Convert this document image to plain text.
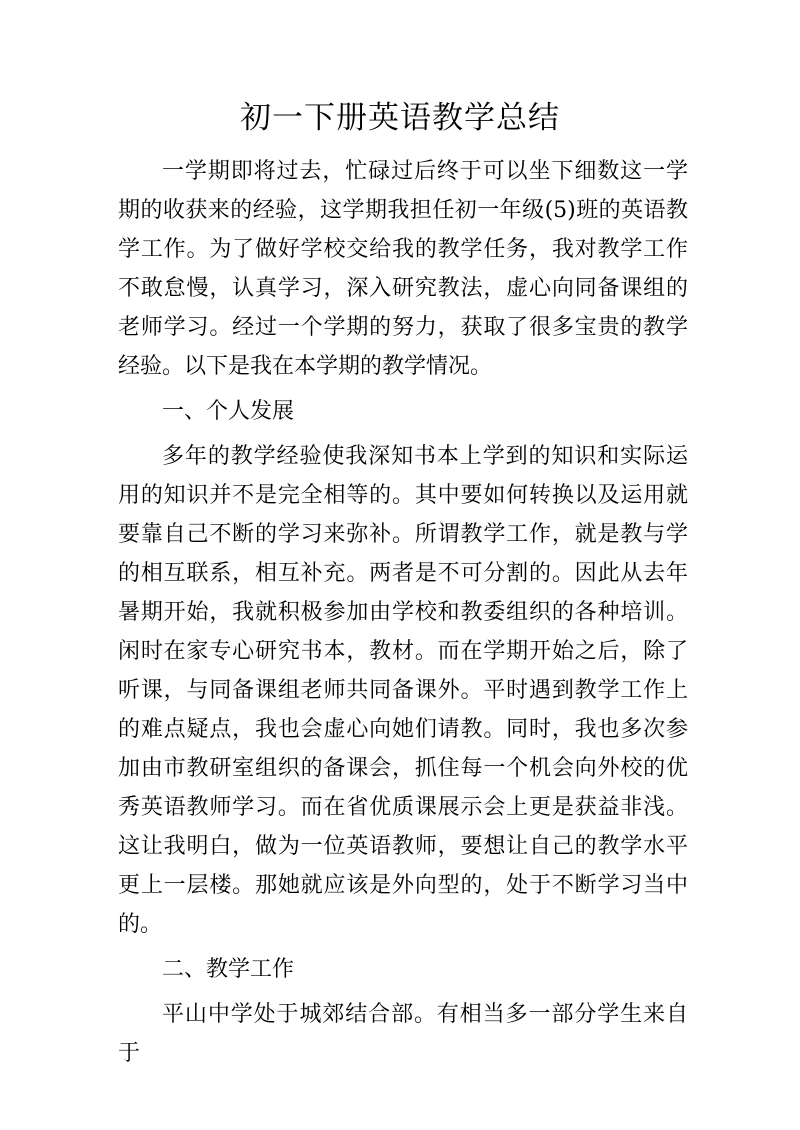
初一下册英语教学总结

一学期即将过去，忙碌过后终于可以坐下细数这一学期的收获来的经验，这学期我担任初一年级(5)班的英语教学工作。为了做好学校交给我的教学任务，我对教学工作不敢怠慢，认真学习，深入研究教法，虚心向同备课组的老师学习。经过一个学期的努力，获取了很多宝贵的教学经验。以下是我在本学期的教学情况。

一、个人发展

多年的教学经验使我深知书本上学到的知识和实际运用的知识并不是完全相等的。其中要如何转换以及运用就要靠自己不断的学习来弥补。所谓教学工作，就是教与学的相互联系，相互补充。两者是不可分割的。因此从去年暑期开始，我就积极参加由学校和教委组织的各种培训。闲时在家专心研究书本，教材。而在学期开始之后，除了听课，与同备课组老师共同备课外。平时遇到教学工作上的难点疑点，我也会虚心向她们请教。同时，我也多次参加由市教研室组织的备课会，抓住每一个机会向外校的优秀英语教师学习。而在省优质课展示会上更是获益非浅。这让我明白，做为一位英语教师，要想让自己的教学水平更上一层楼。那她就应该是外向型的，处于不断学习当中的。

二、教学工作

平山中学处于城郊结合部。有相当多一部分学生来自于
